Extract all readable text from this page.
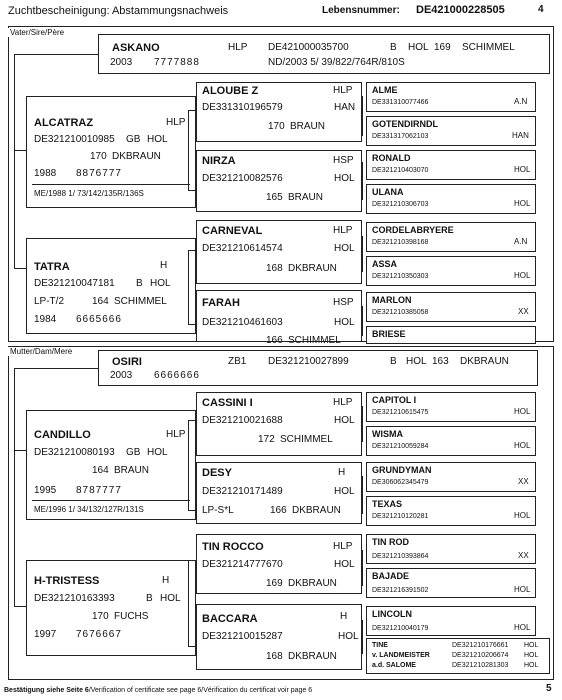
Zuchtbescheinigung: Abstammungsnachweis	Lebensnummer: DE421000228505	4
Vater/Sire/Père
ASKANO	HLP DE421000035700	B HOL 169 SCHIMMEL
2003 7777888	ND/2003 5/ 39/822/764R/810S
ALCATRAZ	HLP
DE321210010985 GB HOL
170 DKBRAUN
1988 8876777
ME/1988 1/ 73/142/135R/136S
ALOUBE Z	HLP
DE331310196579	HAN
170 BRAUN
NIRZA	HSP
DE321210082576	HOL
165 BRAUN
ALME
DE331310077466	A.N
GOTENDIRNDL
DE331317062103	HAN
RONALD
DE321210403070	HOL
ULANA
DE321210306703	HOL
TATRA	H
DE321210047181 B HOL
LP-T/2	164 SCHIMMEL
1984 6665666
CARNEVAL	HLP
DE321210614574	HOL
168 DKBRAUN
FARAH	HSP
DE321210461603	HOL
166 SCHIMMEL
CORDELABRYERE
DE321210398168	A.N
ASSA
DE321210350303	HOL
MARLON
DE321210385058	XX
BRIESE
Mutter/Dam/Mere
OSIRI	ZB1 DE321210027899	B HOL 163 DKBRAUN
2003 6666666
CANDILLO	HLP
DE321210080193 GB HOL
164 BRAUN
1995 8787777
ME/1996 1/ 34/132/127R/131S
CASSINI I	HLP
DE321210021688	HOL
172 SCHIMMEL
DESY	H
DE321210171489	HOL
LP-S*L	166 DKBRAUN
CAPITOL I
DE321210615475	HOL
WISMA
DE321210059284	HOL
GRUNDYMAN
DE306062345479	XX
TEXAS
DE321210120281	HOL
H-TRISTESS	H
DE321210163393	B HOL
170 FUCHS
1997 7676667
TIN ROCCO	HLP
DE321214777670	HOL
169 DKBRAUN
BACCARA	H
DE321210015287	HOL
168 DKBRAUN
TIN ROD
DE321210393864	XX
BAJADE
DE321216391502	HOL
LINCOLN
DE321210040179	HOL
TINE	DE321210176661 HOL
v. LANDMEISTER	DE321210206674 HOL
a.d. SALOME	DE321210281303 HOL
Bestätigung siehe Seite 6/Verification of certificate see page 6/Vérification du certificat voir page 6	5
